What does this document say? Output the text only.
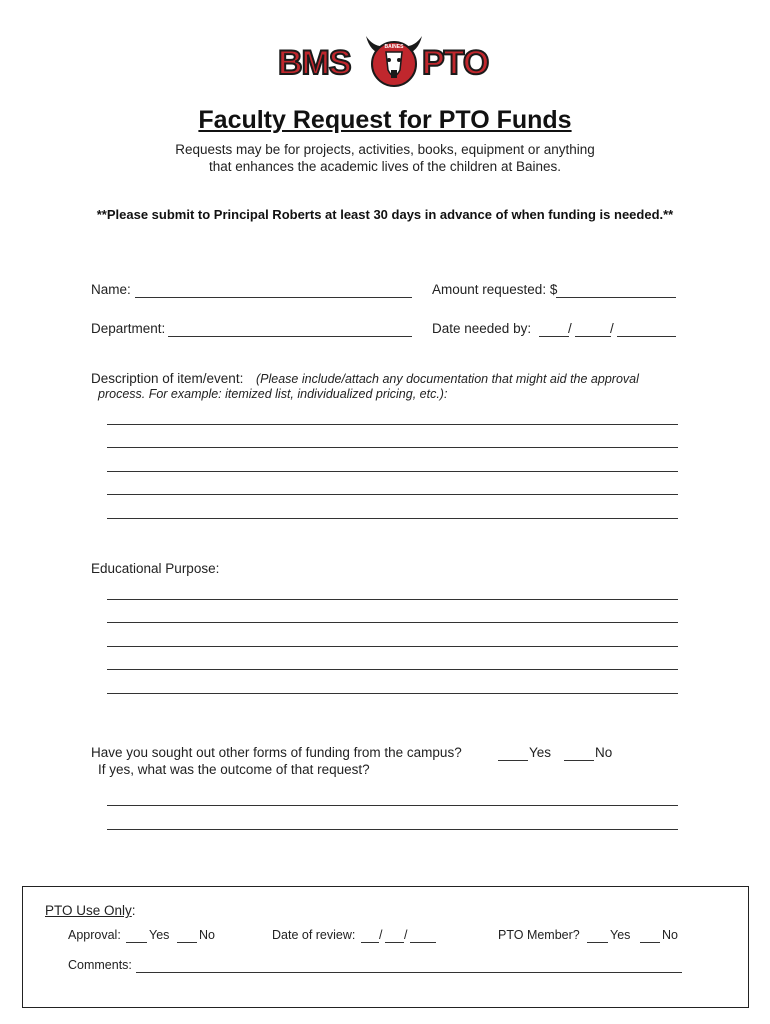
BMS	BAINES PTO
Faculty Request for PTO Funds
Requests may be for projects, activities, books, equipment or anything
that enhances the academic lives of the children at Baines.
**Please submit to Principal Roberts at least 30 days in advance of when funding is needed.**
Name:	Amount requested: $
Department:	Date needed by:	/	/
Description of item/event: (Please include/attach any documentation that might aid the approval
process. For example: itemized list, individualized pricing, etc.):
Educational Purpose:
Have you sought out other forms of funding from the campus?	Yes	No
If yes, what was the outcome of that request?
PTO Use Only:
Approval: Yes No	Date of review: / /	PTO Member? Yes	No
Comments:
